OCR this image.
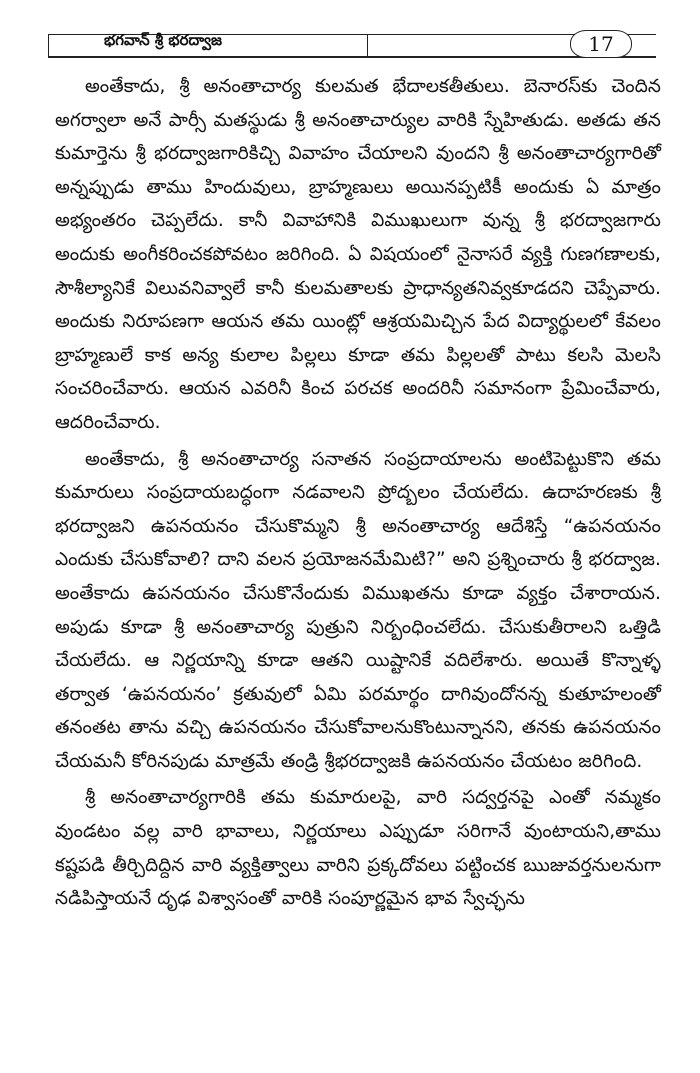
భగవాన్ శ్రీ భరద్వాజ	17

అంతేకాదు, శ్రీ అనంతాచార్య కులమత భేదాలకతీతులు. బెనారస్‌కు చెందిన అగర్వాలా అనే పార్సీ మతస్థుడు శ్రీ అనంతాచార్యుల వారికి స్నేహితుడు. అతడు తన కుమార్తెను శ్రీ భరద్వాజగారికిచ్చి వివాహం చేయాలని వుందని శ్రీ అనంతాచార్యగారితో అన్నప్పుడు తాము హిందువులు, బ్రాహ్మణులు అయినప్పటికీ అందుకు ఏ మాత్రం అభ్యంతరం చెప్పలేదు. కానీ వివాహానికి విముఖులుగా వున్న శ్రీ భరద్వాజగారు అందుకు అంగీకరించకపోవటం జరిగింది. ఏ విషయంలో నైనాసరే వ్యక్తి గుణగణాలకు, సౌశీల్యానికే విలువనివ్వాలే కానీ కులమతాలకు ప్రాధాన్యతనివ్వకూడదని చెప్పేవారు. అందుకు నిరూపణగా ఆయన తమ యింట్లో ఆశ్రయమిచ్చిన పేద విద్యార్థులలో కేవలం బ్రాహ్మణులే కాక అన్య కులాల పిల్లలు కూడా తమ పిల్లలతో పాటు కలసి మెలసి సంచరించేవారు. ఆయన ఎవరినీ కించ పరచక అందరినీ సమానంగా ప్రేమించేవారు, ఆదరించేవారు.

అంతేకాదు, శ్రీ అనంతాచార్య సనాతన సంప్రదాయాలను అంటిపెట్టుకొని తమ కుమారులు సంప్రదాయబద్ధంగా నడవాలని ప్రోద్బలం చేయలేదు. ఉదాహరణకు శ్రీ భరద్వాజని ఉపనయనం చేసుకొమ్మని శ్రీ అనంతాచార్య ఆదేశిస్తే “ఉపనయనం ఎందుకు చేసుకోవాలి? దాని వలన ప్రయోజనమేమిటి?” అని ప్రశ్నించారు శ్రీ భరద్వాజ. అంతేకాదు ఉపనయనం చేసుకొనేందుకు విముఖతను కూడా వ్యక్తం చేశారాయన. అపుడు కూడా శ్రీ అనంతాచార్య పుత్రుని నిర్బంధించలేదు. చేసుకుతీరాలని ఒత్తిడి చేయలేదు. ఆ నిర్ణయాన్ని కూడా ఆతని యిష్టానికే వదిలేశారు. అయితే కొన్నాళ్ళ తర్వాత ‘ఉపనయనం’ క్రతువులో ఏమి పరమార్థం దాగివుందోనన్న కుతూహలంతో తనంతట తాను వచ్చి ఉపనయనం చేసుకోవాలనుకొంటున్నానని, తనకు ఉపనయనం చేయమనీ కోరినపుడు మాత్రమే తండ్రి శ్రీభరద్వాజకి ఉపనయనం చేయటం జరిగింది.

శ్రీ అనంతాచార్యగారికి తమ కుమారులపై, వారి సద్వర్తనపై ఎంతో నమ్మకం వుండటం వల్ల వారి భావాలు, నిర్ణయాలు ఎప్పుడూ సరిగానే వుంటాయని,తాము కష్టపడి తీర్చిదిద్దిన వారి వ్యక్తిత్వాలు వారిని ప్రక్కదోవలు పట్టించక ఋజువర్తనులనుగా నడిపిస్తాయనే దృఢ విశ్వాసంతో వారికి సంపూర్ణమైన భావ స్వేచ్ఛను
